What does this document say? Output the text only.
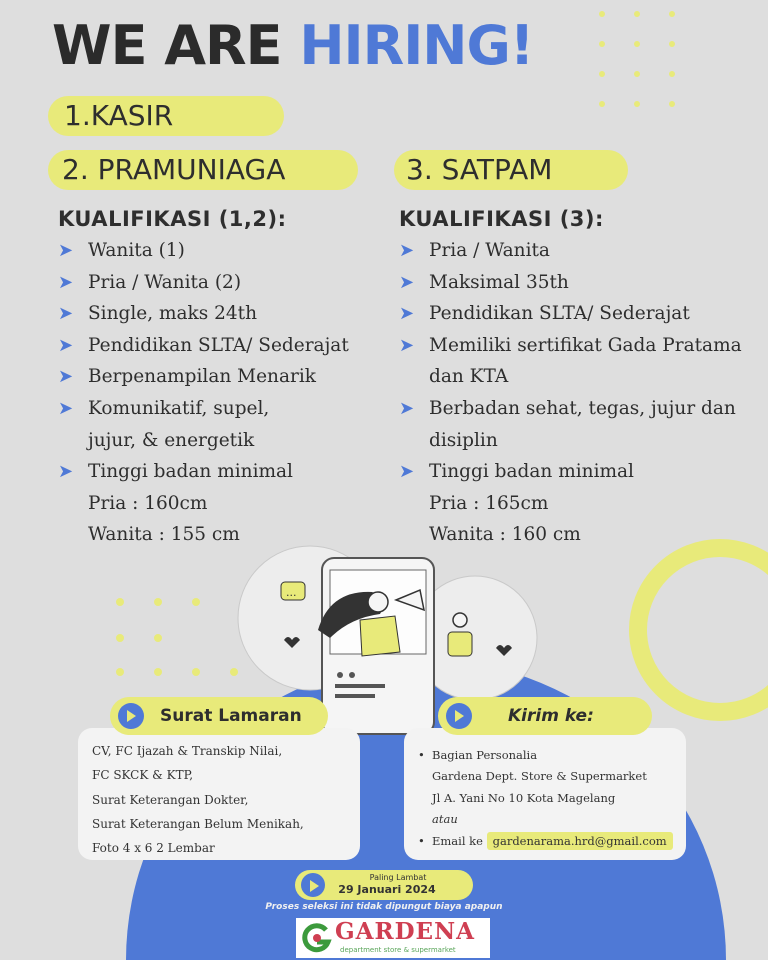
WE ARE HIRING!
1.KASIR
2. PRAMUNIAGA	3. SATPAM
KUALIFIKASI (1,2):
➤ Wanita (1)
➤ Pria / Wanita (2)
➤ Single, maks 24th
➤ Pendidikan SLTA/ Sederajat
➤ Berpenampilan Menarik
➤ Komunikatif, supel,
jujur, & energetik
➤ Tinggi badan minimal
Pria : 160cm
Wanita : 155 cm
KUALIFIKASI (3):
➤ Pria / Wanita
➤ Maksimal 35th
➤ Pendidikan SLTA/ Sederajat
➤ Memiliki sertifikat Gada Pratama
dan KTA
➤ Berbadan sehat, tegas, jujur dan
disiplin
➤ Tinggi badan minimal
Pria : 165cm
Wanita : 160 cm
...
Surat Lamaran
CV, FC Ijazah & Transkip Nilai,
FC SKCK & KTP,
Surat Keterangan Dokter,
Surat Keterangan Belum Menikah,
Foto 4 x 6 2 Lembar
Kirim ke:
• Bagian Personalia
Gardena Dept. Store & Supermarket
Jl A. Yani No 10 Kota Magelang
atau
• Email ke gardenarama.hrd@gmail.com
Paling Lambat
29 Januari 2024
Proses seleksi ini tidak dipungut biaya apapun
GARDENA
department store & supermarket
